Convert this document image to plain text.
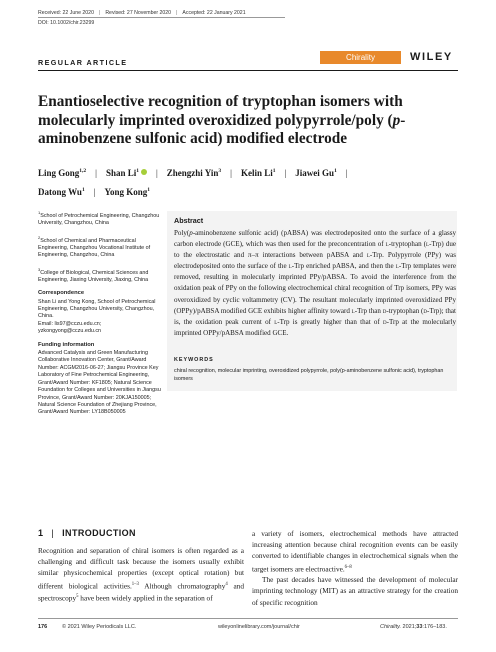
Received: 22 June 2020 | Revised: 27 November 2020 | Accepted: 22 January 2021
DOI: 10.1002/chir.23299
REGULAR ARTICLE
Chirality	WILEY
Enantioselective recognition of tryptophan isomers with molecularly imprinted overoxidized polypyrrole/poly (p-aminobenzene sulfonic acid) modified electrode
Ling Gong$^{1,2}$ | Shan Li$^1$ | Zhengzhi Yin$^3$ | Kelin Li$^1$ | Jiawei Gu$^1$ |
Datong Wu$^1$ | Yong Kong$^1$

$^1$School of Petrochemical Engineering, Changzhou University, Changzhou, China

$^2$School of Chemical and Pharmaceutical Engineering, Changzhou Vocational Institute of Engineering, Changzhou, China

$^3$College of Biological, Chemical Sciences and Engineering, Jiaxing University, Jiaxing, China

Correspondence

Shan Li and Yong Kong, School of Petrochemical Engineering, Changzhou University, Changzhou, China.
Email: lis97@cczu.edu.cn;
yzkongyong@cczu.edu.cn

Funding information

Advanced Catalysis and Green Manufacturing Collaborative Innovation Center, Grant/Award Number: ACGM2016-06-27; Jiangsu Province Key Laboratory of Fine Petrochemical Engineering, Grant/Award Number: KF1805; Natural Science Foundation for Colleges and Universities in Jiangsu Province, Grant/Award Number: 20KJA150005; Natural Science Foundation of Zhejiang Province, Grant/Award Number: LY18B050005

Abstract
Poly(p-aminobenzene sulfonic acid) (pABSA) was electrodeposited onto the surface of a glassy carbon electrode (GCE), which was then used for the preconcentration of l-tryptophan (l-Trp) due to the electrostatic and π–π interactions between pABSA and l-Trp. Polypyrrole (PPy) was electrodeposited onto the surface of the l-Trp enriched pABSA, and then the l-Trp templates were removed, resulting in molecularly imprinted PPy/pABSA. To avoid the interference from the oxidation peak of PPy on the following electrochemical chiral recognition of Trp isomers, PPy was overoxidized by cyclic voltammetry (CV). The resultant molecularly imprinted overoxidized PPy (OPPy)/pABSA modified GCE exhibits higher affinity toward l-Trp than d-tryptophan (d-Trp); that is, the oxidation peak current of l-Trp is greatly higher than that of d-Trp at the molecularly imprinted OPPy/pABSA modified GCE.
KEYWORDS
chiral recognition, molecular imprinting, overoxidized polypyrrole, poly(p-aminobenzene sulfonic acid), tryptophan isomers
1 | INTRODUCTION

Recognition and separation of chiral isomers is often regarded as a challenging and difficult task because the isomers usually exhibit similar physicochemical properties (except optical rotation) but different biological activities.$^{1-3}$ Although chromatography$^4$ and spectroscopy$^5$ have been widely applied in the separation of

a variety of isomers, electrochemical methods have attracted increasing attention because chiral recognition events can be easily converted to identifiable changes in electrochemical signals when the target isomers are electroactive.$^{6-8}$

The past decades have witnessed the development of molecular imprinting technology (MIT) as an attractive strategy for the creation of specific recognition

176	© 2021 Wiley Periodicals LLC.	wileyonlinelibrary.com/journal/chir	Chirality. 2021;33:176–183.
